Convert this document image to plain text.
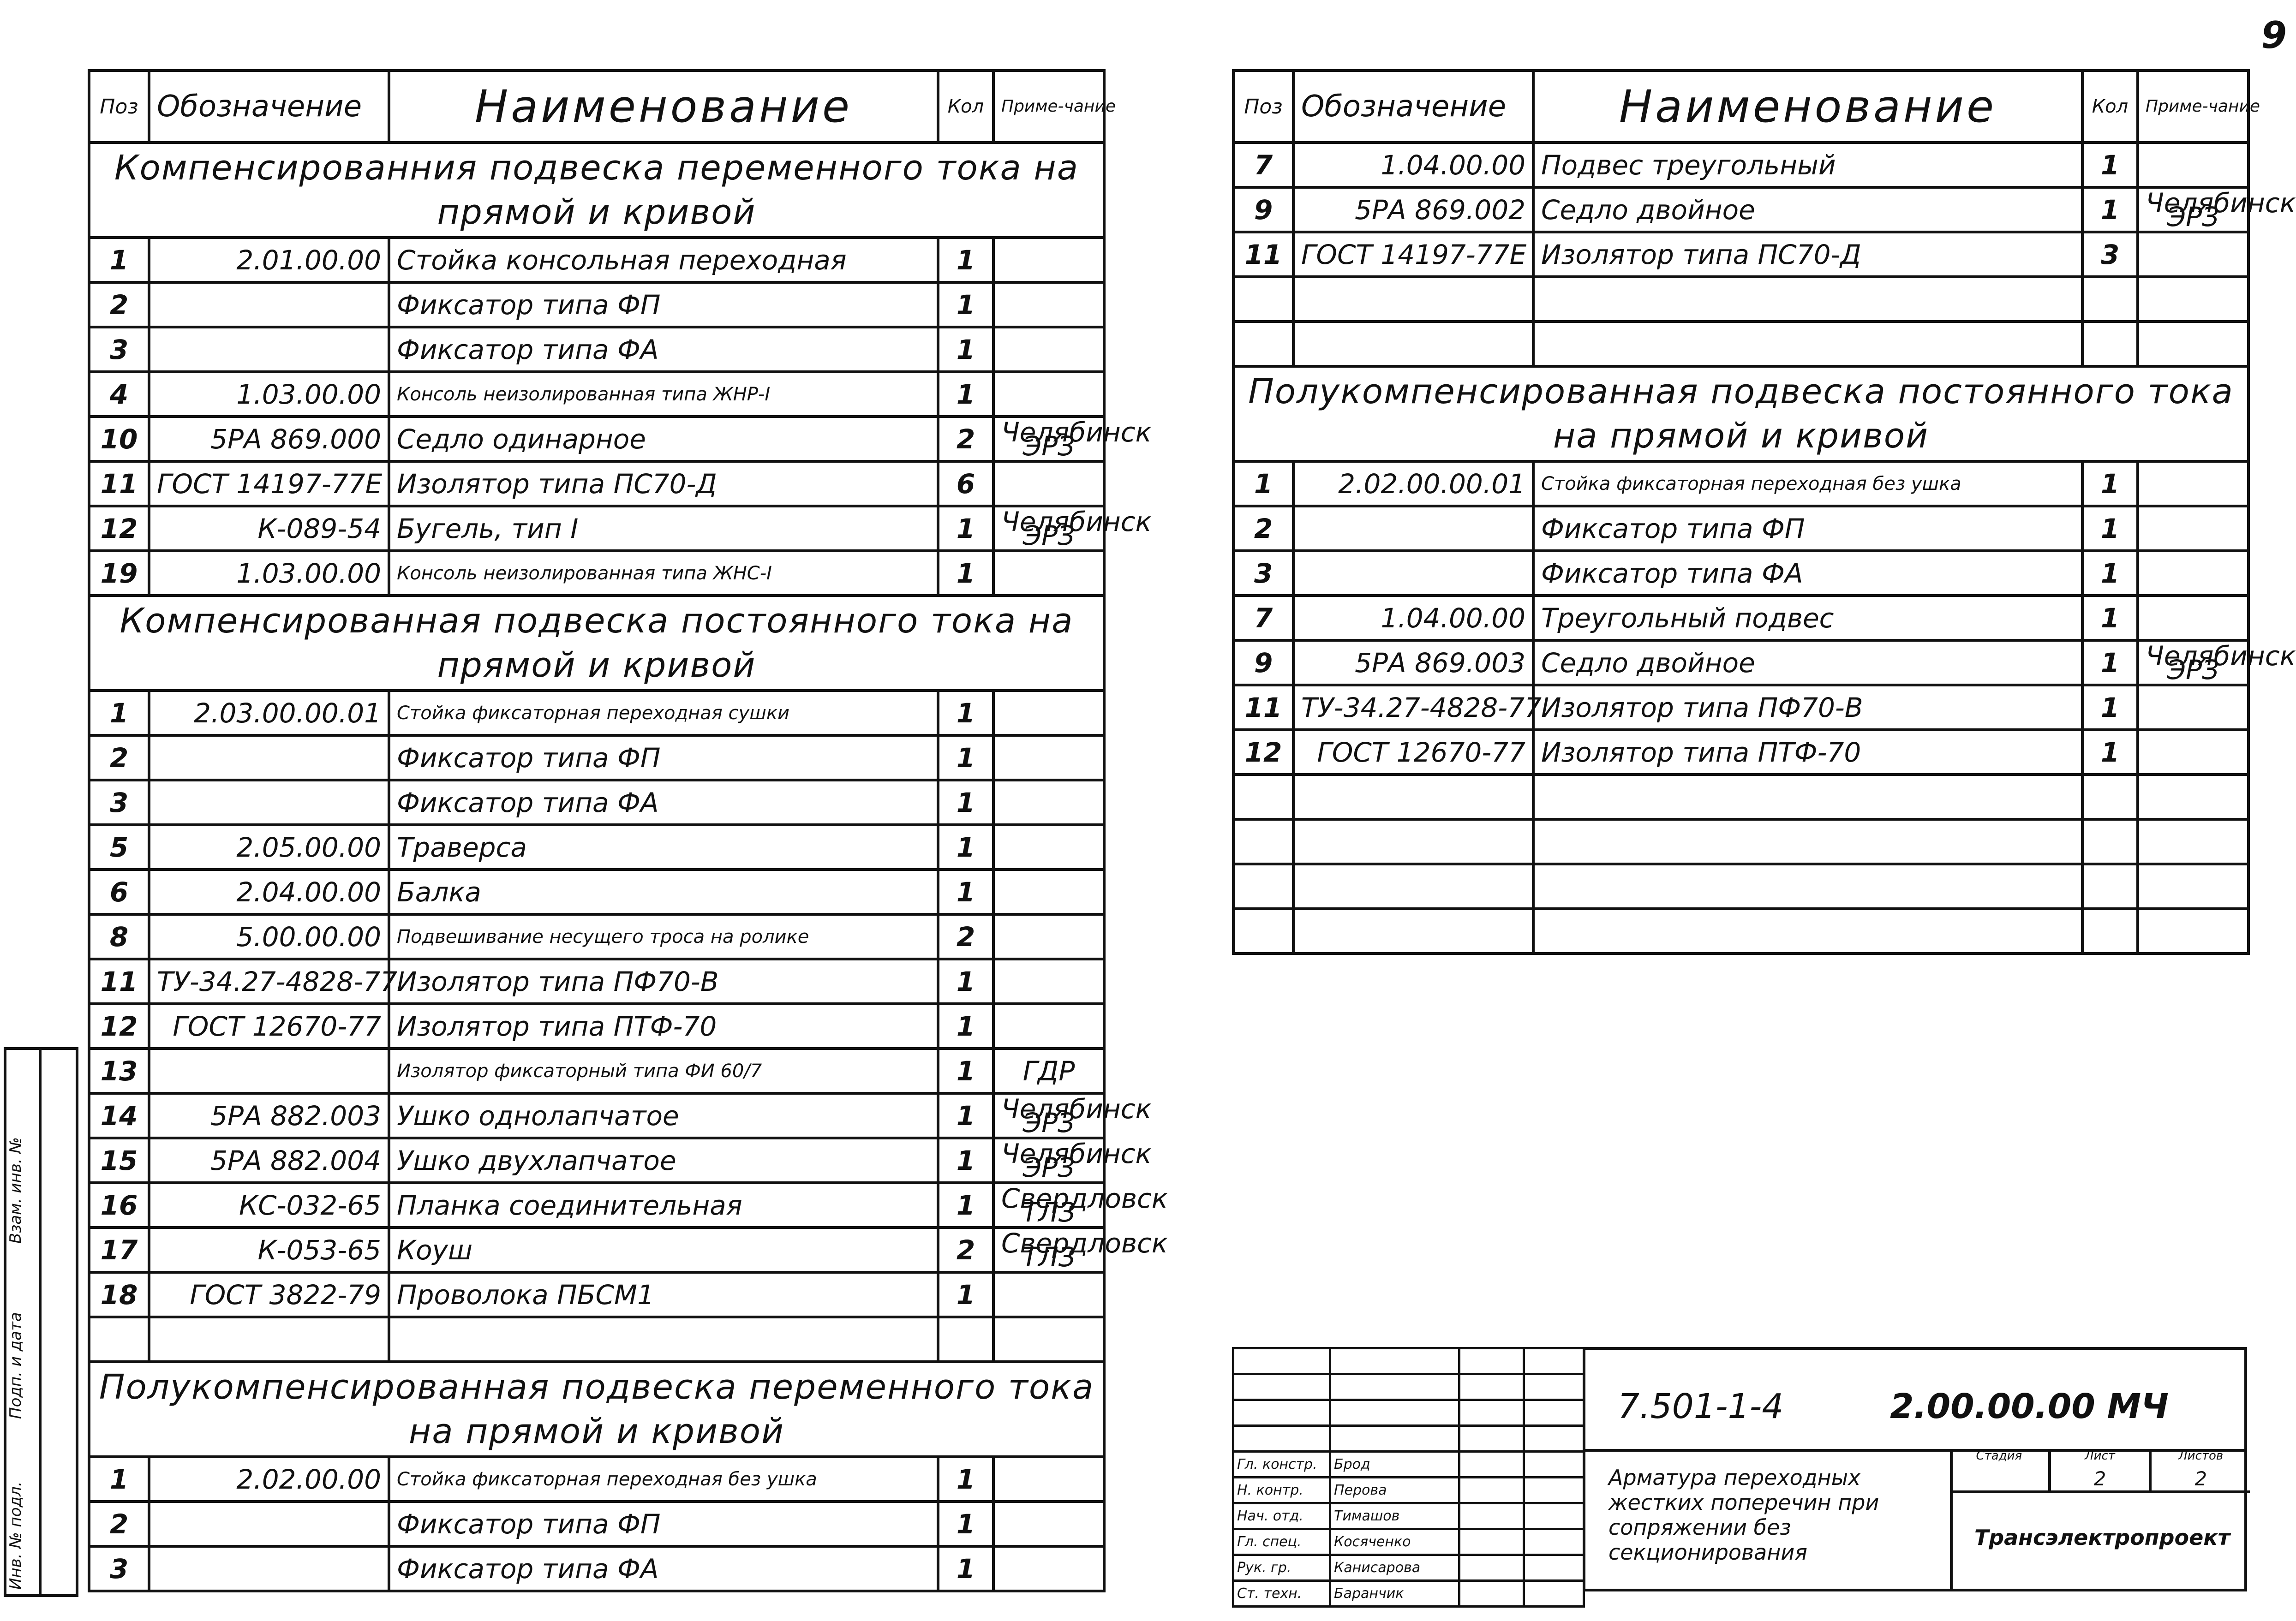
9
Поз	Обозначение	Наименование	Кол	Приме-чание
Компенсированния подвеска переменного тока на прямой и кривой				
1	2.01.00.00	Стойка консольная переходная	1	
2		Фиксатор типа ФП	1	
3		Фиксатор типа ФА	1	
4	1.03.00.00	Консоль неизолированная типа ЖНР-I	1	
10	5РА 869.000	Седло одинарное	2	Челябинск ЭРЗ
11	ГОСТ 14197-77Е	Изолятор типа ПС70-Д	6	
12	К-089-54	Бугель, тип I	1	Челябинск ЭРЗ
19	1.03.00.00	Консоль неизолированная типа ЖНС-I	1	
Компенсированная подвеска постоянного тока на прямой и кривой				
1	2.03.00.00.01	Стойка фиксаторная переходная сушки	1	
2		Фиксатор типа ФП	1	
3		Фиксатор типа ФА	1	
5	2.05.00.00	Траверса	1	
6	2.04.00.00	Балка	1	
8	5.00.00.00	Подвешивание несущего троса на ролике	2	
11	ТУ-34.27-4828-77	Изолятор типа ПФ70-В	1	
12	ГОСТ 12670-77	Изолятор типа ПТФ-70	1	
13		Изолятор фиксаторный типа ФИ 60/7	1	ГДР
14	5РА 882.003	Ушко однолапчатое	1	Челябинск ЭРЗ
15	5РА 882.004	Ушко двухлапчатое	1	Челябинск ЭРЗ
16	КС-032-65	Планка соединительная	1	Свердловск ТЛЗ
17	К-053-65	Коуш	2	Свердловск ТЛЗ
18	ГОСТ 3822-79	Проволока ПБСМ1	1	

Полукомпенсированная подвеска переменного тока на прямой и кривой				
1	2.02.00.00	Стойка фиксаторная переходная без ушка	1	
2		Фиксатор типа ФП	1	
3		Фиксатор типа ФА	1	
Поз	Обозначение	Наименование	Кол	Приме-чание
7	1.04.00.00	Подвес треугольный	1	
9	5РА 869.002	Седло двойное	1	Челябинск ЭРЗ
11	ГОСТ 14197-77Е	Изолятор типа ПС70-Д	3	

Полукомпенсированная подвеска постоянного тока на прямой и кривой				
1	2.02.00.00.01	Стойка фиксаторная переходная без ушка	1	
2		Фиксатор типа ФП	1	
3		Фиксатор типа ФА	1	
7	1.04.00.00	Треугольный подвес	1	
9	5РА 869.003	Седло двойное	1	Челябинск ЭРЗ
11	ТУ-34.27-4828-77	Изолятор типа ПФ70-В	1	
12	ГОСТ 12670-77	Изолятор типа ПТФ-70	1	

Инв. № подл.
Подп. и дата
Взам. инв. №

Гл. констр.	Брод		
Н. контр.	Перова		
Нач. отд.	Тимашов		
Гл. спец.	Косяченко		
Рук. гр.	Канисарова		
Ст. техн.	Баранчик		
7.501-1-4	2.00.00.00 МЧ
Арматура переходных жестких поперечин при сопряжении без секционирования
Стадия	Лист
2
Листов
2
Трансэлектропроект
